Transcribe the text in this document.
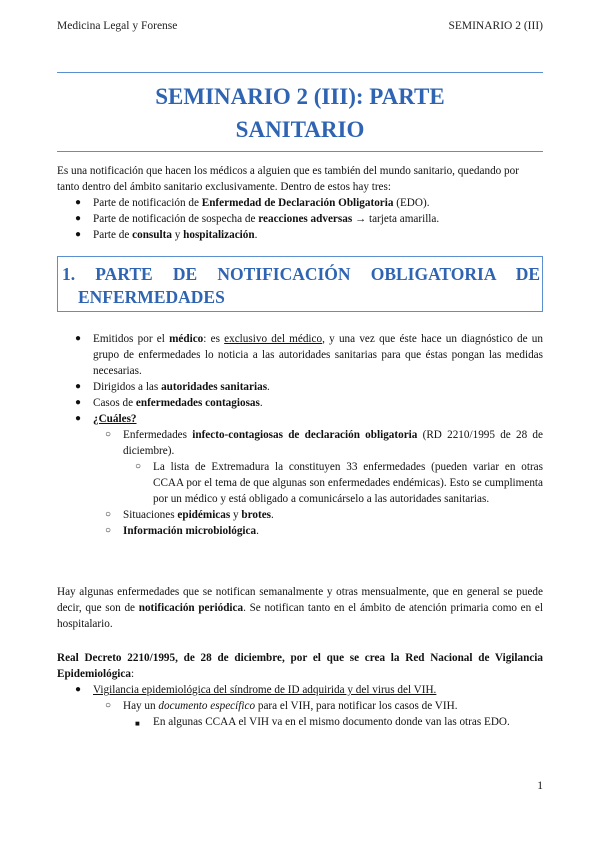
Medicina Legal y Forense	SEMINARIO 2 (III)
SEMINARIO 2 (III): PARTE
SANITARIO
Es una notificación que hacen los médicos a alguien que es también del mundo sanitario, quedando por tanto dentro del ámbito sanitario exclusivamente. Dentro de estos hay tres:
● Parte de notificación de Enfermedad de Declaración Obligatoria (EDO).
● Parte de notificación de sospecha de reacciones adversas → tarjeta amarilla.
● Parte de consulta y hospitalización.
1. PARTE DE NOTIFICACIÓN OBLIGATORIA DE
ENFERMEDADES
● Emitidos por el médico: es exclusivo del médico, y una vez que éste hace un diagnóstico de un grupo de enfermedades lo noticia a las autoridades sanitarias para que éstas pongan las medidas necesarias.
● Dirigidos a las autoridades sanitarias.
● Casos de enfermedades contagiosas.
● ¿Cuáles?
○ Enfermedades infecto-contagiosas de declaración obligatoria (RD 2210/1995 de 28 de diciembre).
○ La lista de Extremadura la constituyen 33 enfermedades (pueden variar en otras CCAA por el tema de que algunas son enfermedades endémicas). Esto se cumplimenta por un médico y está obligado a comunicárselo a las autoridades sanitarias.
○ Situaciones epidémicas y brotes.
○ Información microbiológica.
Hay algunas enfermedades que se notifican semanalmente y otras mensualmente, que en general se puede decir, que son de notificación periódica. Se notifican tanto en el ámbito de atención primaria como en el hospitalario.
Real Decreto 2210/1995, de 28 de diciembre, por el que se crea la Red Nacional de Vigilancia Epidemiológica:
● Vigilancia epidemiológica del síndrome de ID adquirida y del virus del VIH.
○ Hay un documento específico para el VIH, para notificar los casos de VIH.
■ En algunas CCAA el VIH va en el mismo documento donde van las otras EDO.
1
